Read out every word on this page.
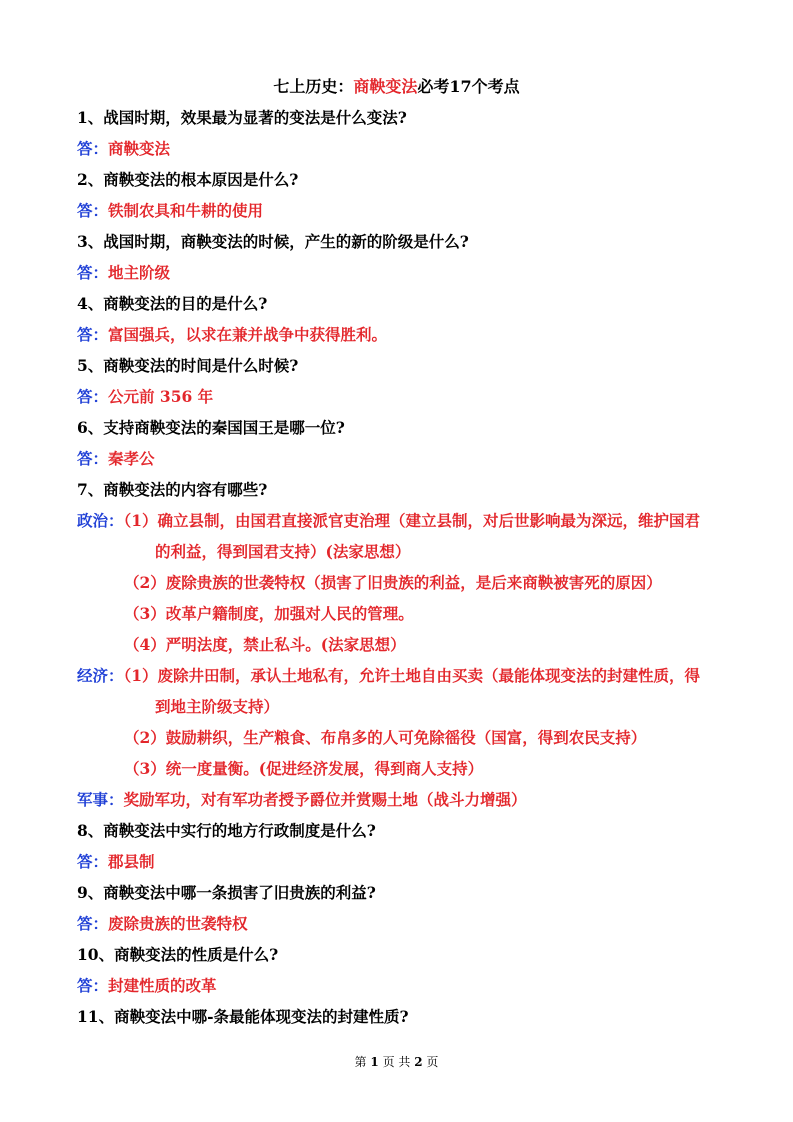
七上历史：商鞅变法必考17个考点
1、战国时期，效果最为显著的变法是什么变法?
答：商鞅变法
2、商鞅变法的根本原因是什么?
答：铁制农具和牛耕的使用
3、战国时期，商鞅变法的时候，产生的新的阶级是什么?
答：地主阶级
4、商鞅变法的目的是什么?
答：富国强兵，以求在兼并战争中获得胜利。
5、商鞅变法的时间是什么时候?
答：公元前 356 年
6、支持商鞅变法的秦国国王是哪一位?
答：秦孝公
7、商鞅变法的内容有哪些?
政治：（1）确立县制，由国君直接派官吏治理（建立县制，对后世影响最为深远，维护国君
的利益，得到国君支持）(法家思想）
（2）废除贵族的世袭特权（损害了旧贵族的利益，是后来商鞅被害死的原因）
（3）改革户籍制度，加强对人民的管理。
（4）严明法度，禁止私斗。(法家思想）
经济：（1）废除井田制，承认土地私有，允许土地自由买卖（最能体现变法的封建性质，得
到地主阶级支持）
（2）鼓励耕织，生产粮食、布帛多的人可免除徭役（国富，得到农民支持）
（3）统一度量衡。(促进经济发展，得到商人支持）
军事：奖励军功，对有军功者授予爵位并赏赐土地（战斗力增强）
8、商鞅变法中实行的地方行政制度是什么?
答：郡县制
9、商鞅变法中哪一条损害了旧贵族的利益?
答：废除贵族的世袭特权
10、商鞅变法的性质是什么?
答：封建性质的改革
11、商鞅变法中哪-条最能体现变法的封建性质?
第 1 页 共 2 页
